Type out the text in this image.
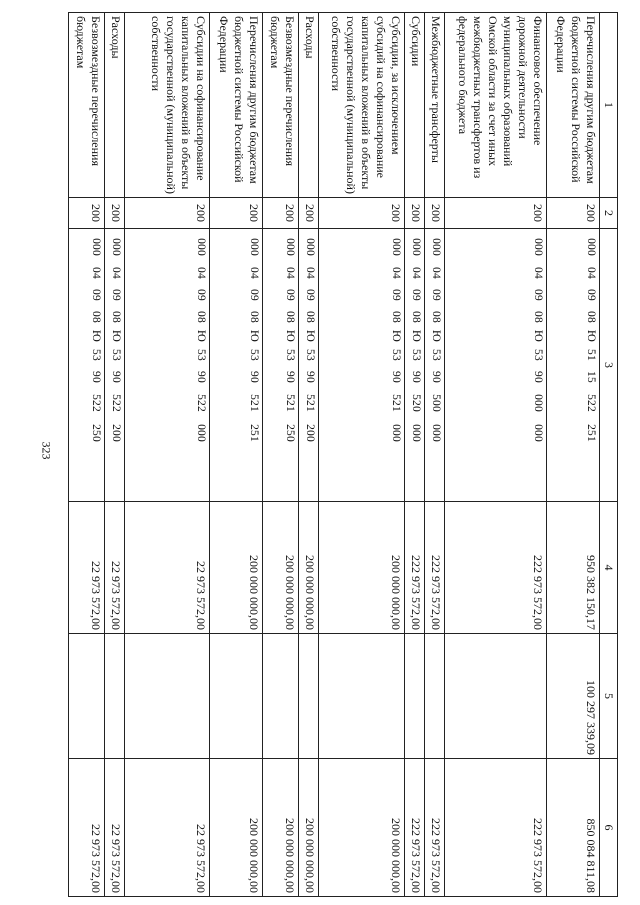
323
1	2	3	4	5	6
Перечисления другим бюджетам бюджетной системы Российской Федерации	200	000040908Ю5115522251	950 382 150,17	100 297 339,09	850 084 811,08
Финансовое обеспечение дорожной деятельности муниципальных образований Омской области за счет иных межбюджетных трансфертов из федерального бюджета	200	000040908Ю5390000000	222 973 572,00		222 973 572,00
Межбюджетные трансферты	200	000040908Ю5390500000	222 973 572,00		222 973 572,00
Субсидии	200	000040908Ю5390520000	222 973 572,00		222 973 572,00
Субсидии, за исключением субсидий на софинансирование капитальных вложений в объекты государственной (муниципальной) собственности	200	000040908Ю5390521000	200 000 000,00		200 000 000,00
Расходы	200	000040908Ю5390521200	200 000 000,00		200 000 000,00
Безвозмездные перечисления бюджетам	200	000040908Ю5390521250	200 000 000,00		200 000 000,00
Перечисления другим бюджетам бюджетной системы Российской Федерации	200	000040908Ю5390521251	200 000 000,00		200 000 000,00
Субсидии на софинансирование капитальных вложений в объекты государственной (муниципальной) собственности	200	000040908Ю5390522000	22 973 572,00		22 973 572,00
Расходы	200	000040908Ю5390522200	22 973 572,00		22 973 572,00
Безвозмездные перечисления бюджетам	200	000040908Ю5390522250	22 973 572,00		22 973 572,00
